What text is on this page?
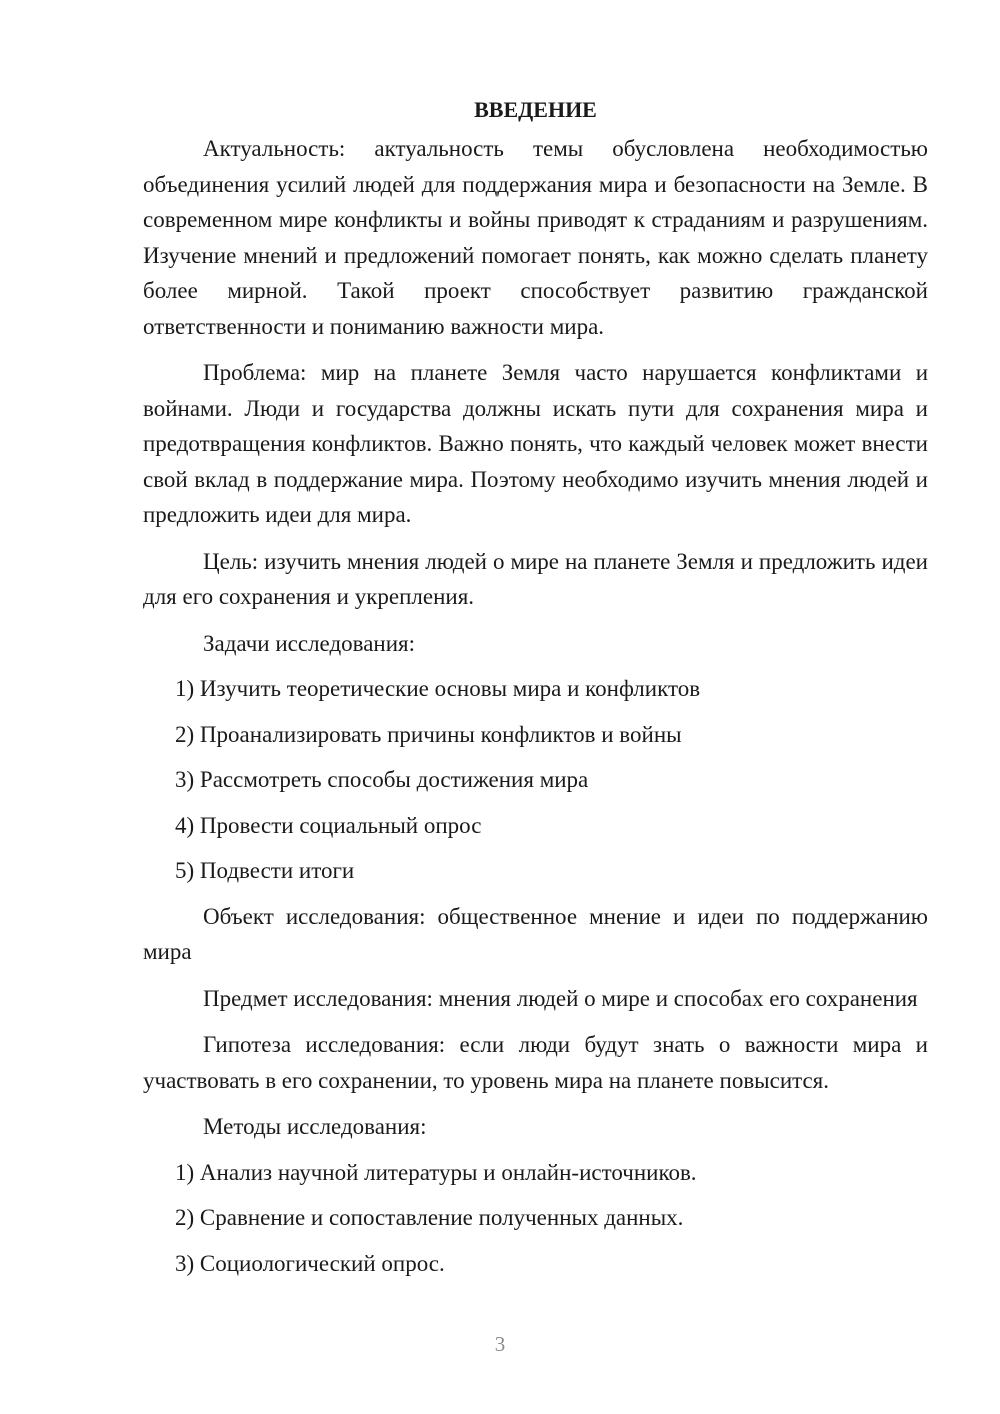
ВВЕДЕНИЕ

Актуальность: актуальность темы обусловлена необходимостью объединения усилий людей для поддержания мира и безопасности на Земле. В современном мире конфликты и войны приводят к страданиям и разрушениям. Изучение мнений и предложений помогает понять, как можно сделать планету более мирной. Такой проект способствует развитию гражданской ответственности и пониманию важности мира.

Проблема: мир на планете Земля часто нарушается конфликтами и войнами. Люди и государства должны искать пути для сохранения мира и предотвращения конфликтов. Важно понять, что каждый человек может внести свой вклад в поддержание мира. Поэтому необходимо изучить мнения людей и предложить идеи для мира.

Цель: изучить мнения людей о мире на планете Земля и предложить идеи для его сохранения и укрепления.

Задачи исследования:
1) Изучить теоретические основы мира и конфликтов
2) Проанализировать причины конфликтов и войны
3) Рассмотреть способы достижения мира
4) Провести социальный опрос
5) Подвести итоги

Объект исследования: общественное мнение и идеи по поддержанию мира

Предмет исследования: мнения людей о мире и способах его сохранения

Гипотеза исследования: если люди будут знать о важности мира и участвовать в его сохранении, то уровень мира на планете повысится.

Методы исследования:
1) Анализ научной литературы и онлайн-источников.
2) Сравнение и сопоставление полученных данных.
3) Социологический опрос.
3
